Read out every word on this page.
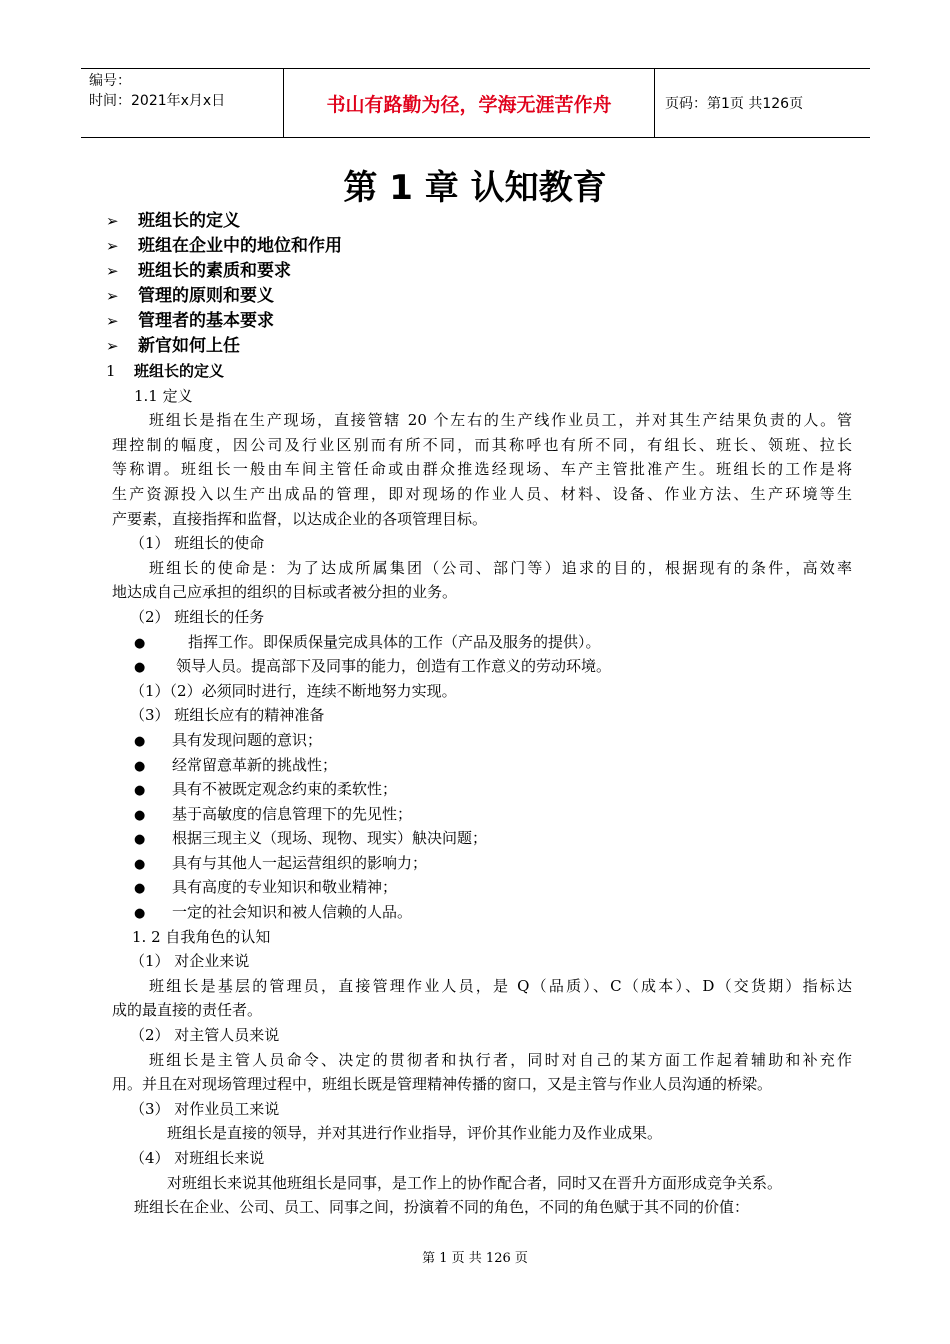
编号：
时间：2021年x月x日	书山有路勤为径，学海无涯苦作舟	页码：第1页 共126页
第 1 章 认知教育
➢ 班组长的定义
➢ 班组在企业中的地位和作用
➢ 班组长的素质和要求
➢ 管理的原则和要义
➢ 管理者的基本要求
➢ 新官如何上任
1 班组长的定义
1.1 定义
班组长是指在生产现场，直接管辖 20 个左右的生产线作业员工，并对其生产结果负责的人。管
理控制的幅度，因公司及行业区别而有所不同，而其称呼也有所不同，有组长、班长、领班、拉长
等称谓。班组长一般由车间主管任命或由群众推选经现场、车产主管批准产生。班组长的工作是将
生产资源投入以生产出成品的管理，即对现场的作业人员、材料、设备、作业方法、生产环境等生
产要素，直接指挥和监督，以达成企业的各项管理目标。
（1） 班组长的使命
班组长的使命是：为了达成所属集团（公司、部门等）追求的目的，根据现有的条件，高效率
地达成自己应承担的组织的目标或者被分担的业务。
（2） 班组长的任务
●	指挥工作。即保质保量完成具体的工作（产品及服务的提供）。
● 领导人员。提高部下及同事的能力，创造有工作意义的劳动环境。
（1）（2）必须同时进行，连续不断地努力实现。
（3） 班组长应有的精神准备
● 具有发现问题的意识；
● 经常留意革新的挑战性；
● 具有不被既定观念约束的柔软性；
● 基于高敏度的信息管理下的先见性；
● 根据三现主义（现场、现物、现实）觖决问题；
● 具有与其他人一起运营组织的影响力；
● 具有高度的专业知识和敬业精神；
● 一定的社会知识和被人信赖的人品。
1. 2 自我角色的认知
（1） 对企业来说
班组长是基层的管理员，直接管理作业人员，是 Q（品质）、C（成本）、D（交货期）指标达
成的最直接的责任者。
（2） 对主管人员来说
班组长是主管人员命令、决定的贯彻者和执行者，同时对自己的某方面工作起着辅助和补充作
用。并且在对现场管理过程中，班组长既是管理精神传播的窗口，又是主管与作业人员沟通的桥梁。
（3） 对作业员工来说
班组长是直接的领导，并对其进行作业指导，评价其作业能力及作业成果。
（4） 对班组长来说
对班组长来说其他班组长是同事，是工作上的协作配合者，同时又在晋升方面形成竞争关系。
班组长在企业、公司、员工、同事之间，扮演着不同的角色，不同的角色赋于其不同的价值：
第 1 页 共 126 页
